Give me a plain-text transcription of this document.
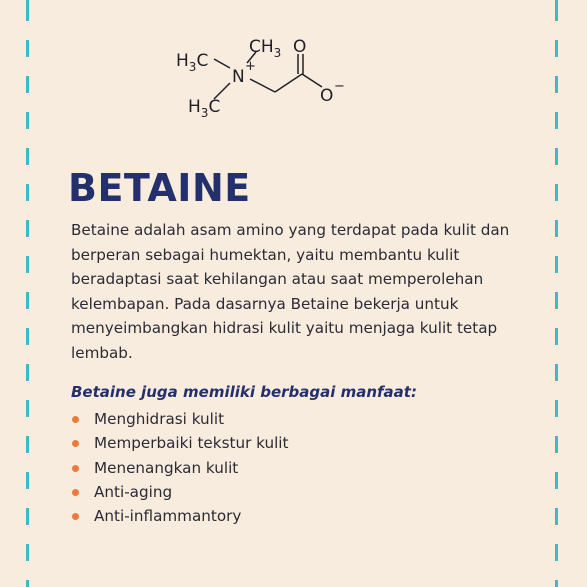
$H_3C$
$CH_3$
$H_3C$
N
+
O
O −
BETAINE

Betaine adalah asam amino yang terdapat pada kulit dan berperan sebagai humektan, yaitu membantu kulit beradaptasi saat kehilangan atau saat memperolehan kelembapan. Pada dasarnya Betaine bekerja untuk menyeimbangkan hidrasi kulit yaitu menjaga kulit tetap lembab.

Betaine juga memiliki berbagai manfaat:

Menghidrasi kulit
Memperbaiki tekstur kulit
Menenangkan kulit
Anti-aging
Anti-inflammantory
